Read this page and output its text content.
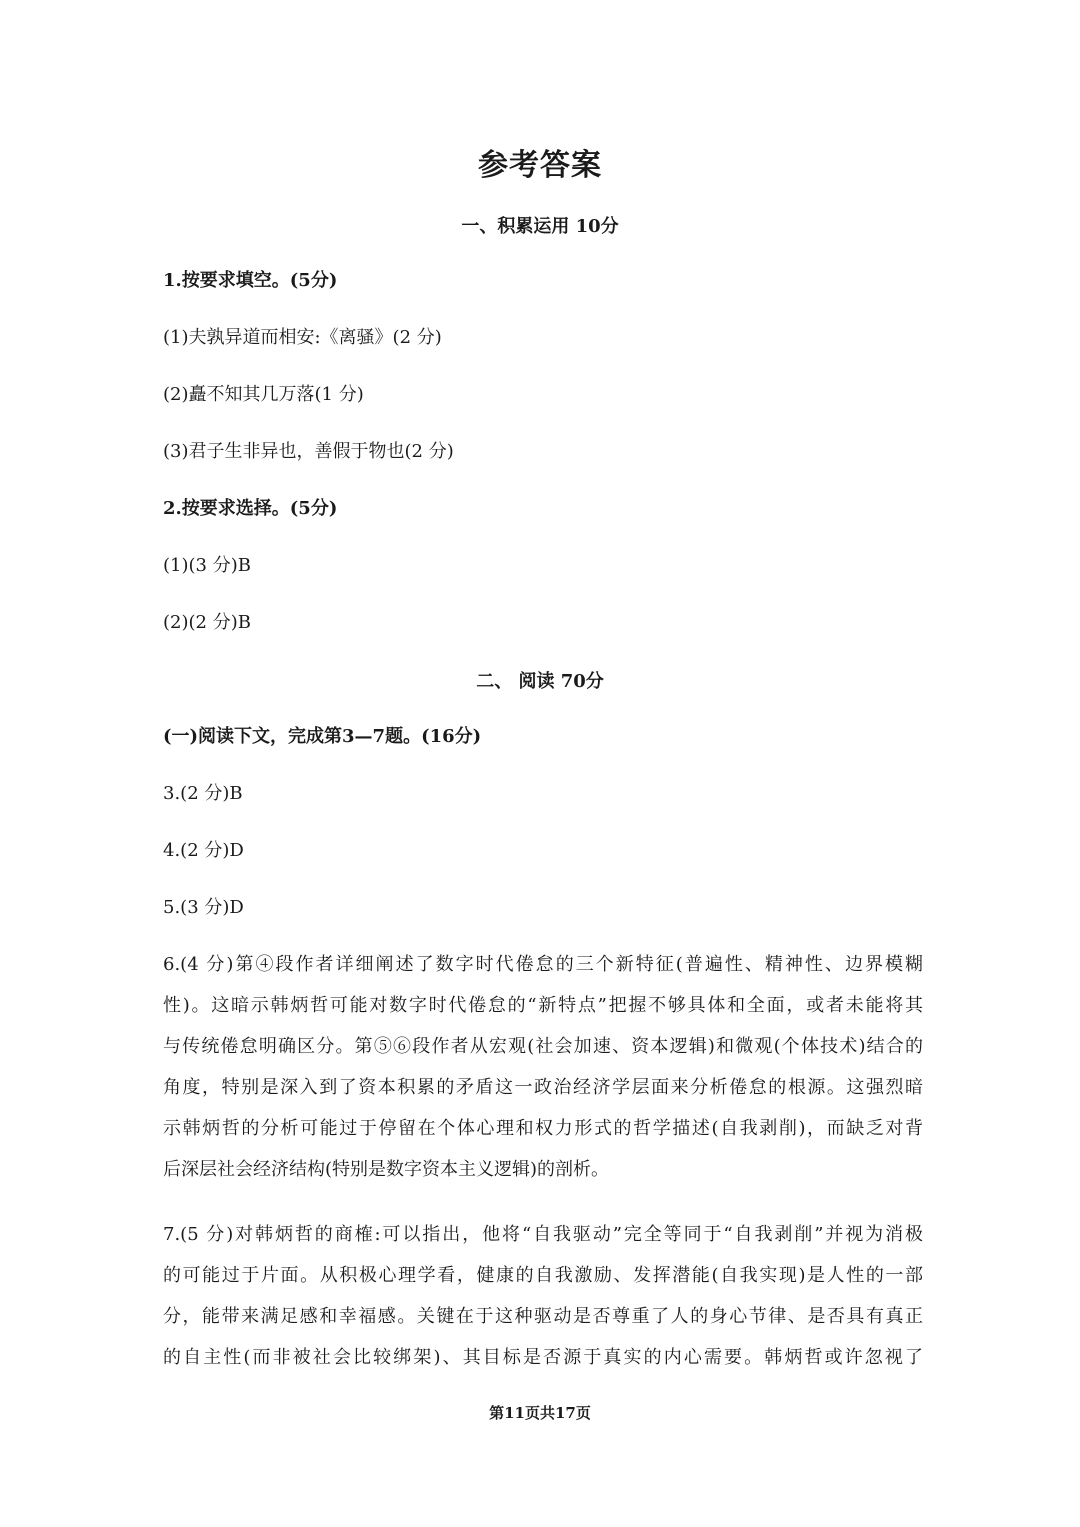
参考答案
一、积累运用 10分
1.按要求填空。(5分)
(1)夫孰异道而相安:《离骚》(2 分)
(2)矗不知其几万落(1 分)
(3)君子生非异也，善假于物也(2 分)
2.按要求选择。(5分)
(1)(3 分)B
(2)(2 分)B
二、 阅读 70分
(一)阅读下文，完成第3—7题。(16分)
3.(2 分)B
4.(2 分)D
5.(3 分)D
6.(4 分)第④段作者详细阐述了数字时代倦怠的三个新特征(普遍性、精神性、边界模糊
性)。这暗示韩炳哲可能对数字时代倦怠的“新特点”把握不够具体和全面，或者未能将其
与传统倦怠明确区分。第⑤⑥段作者从宏观(社会加速、资本逻辑)和微观(个体技术)结合的
角度，特别是深入到了资本积累的矛盾这一政治经济学层面来分析倦怠的根源。这强烈暗
示韩炳哲的分析可能过于停留在个体心理和权力形式的哲学描述(自我剥削)，而缺乏对背
后深层社会经济结构(特别是数字资本主义逻辑)的剖析。
7.(5 分)对韩炳哲的商榷:可以指出，他将“自我驱动”完全等同于“自我剥削”并视为消极
的可能过于片面。从积极心理学看，健康的自我激励、发挥潜能(自我实现)是人性的一部
分，能带来满足感和幸福感。关键在于这种驱动是否尊重了人的身心节律、是否具有真正
的自主性(而非被社会比较绑架)、其目标是否源于真实的内心需要。韩炳哲或许忽视了
第11页共17页
